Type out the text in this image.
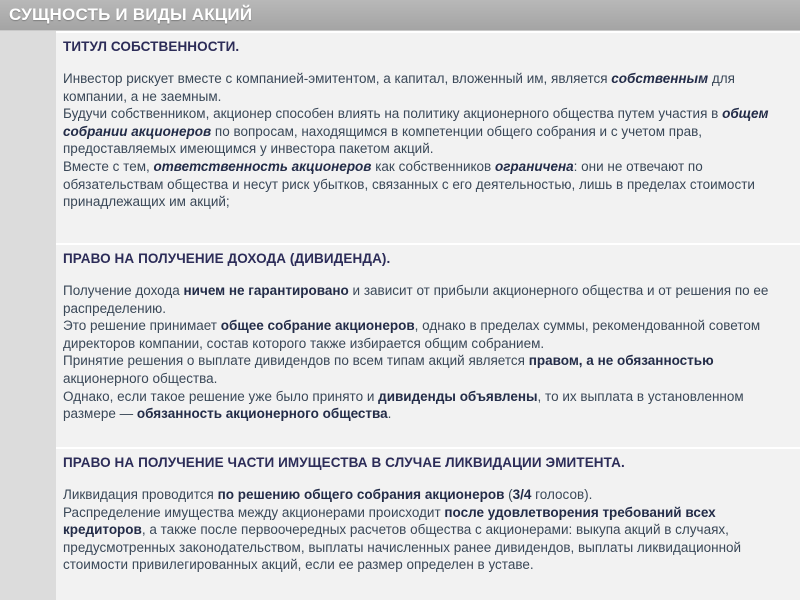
СУЩНОСТЬ И ВИДЫ АКЦИЙ
ТИТУЛ СОБСТВЕННОСТИ.

Инвестор рискует вместе с компанией-эмитентом, а капитал, вложенный им, является собственным для компании, а не заемным.

Будучи собственником, акционер способен влиять на политику акционерного общества путем участия в общем собрании акционеров по вопросам, находящимся в компетенции общего собрания и с учетом прав, предоставляемых имеющимся у инвестора пакетом акций.

Вместе с тем, ответственность акционеров как собственников ограничена: они не отвечают по обязательствам общества и несут риск убытков, связанных с его деятельностью, лишь в пределах стоимости принадлежащих им акций;

ПРАВО НА ПОЛУЧЕНИЕ ДОХОДА (ДИВИДЕНДА).

Получение дохода ничем не гарантировано и зависит от прибыли акционерного общества и от решения по ее распределению.

Это решение принимает общее собрание акционеров, однако в пределах суммы, рекомендованной советом директоров компании, состав которого также избирается общим собранием.

Принятие решения о выплате дивидендов по всем типам акций является правом, а не обязанностью акционерного общества.

Однако, если такое решение уже было принято и дивиденды объявлены, то их выплата в установленном размере — обязанность акционерного общества.

ПРАВО НА ПОЛУЧЕНИЕ ЧАСТИ ИМУЩЕСТВА В СЛУЧАЕ ЛИКВИДАЦИИ ЭМИТЕНТА.

Ликвидация проводится по решению общего собрания акционеров (3/4 голосов).

Распределение имущества между акционерами происходит после удовлетворения требований всех кредиторов, а также после первоочередных расчетов общества с акционерами: выкупа акций в случаях, предусмотренных законодательством, выплаты начисленных ранее дивидендов, выплаты ликвидационной стоимости привилегированных акций, если ее размер определен в уставе.
